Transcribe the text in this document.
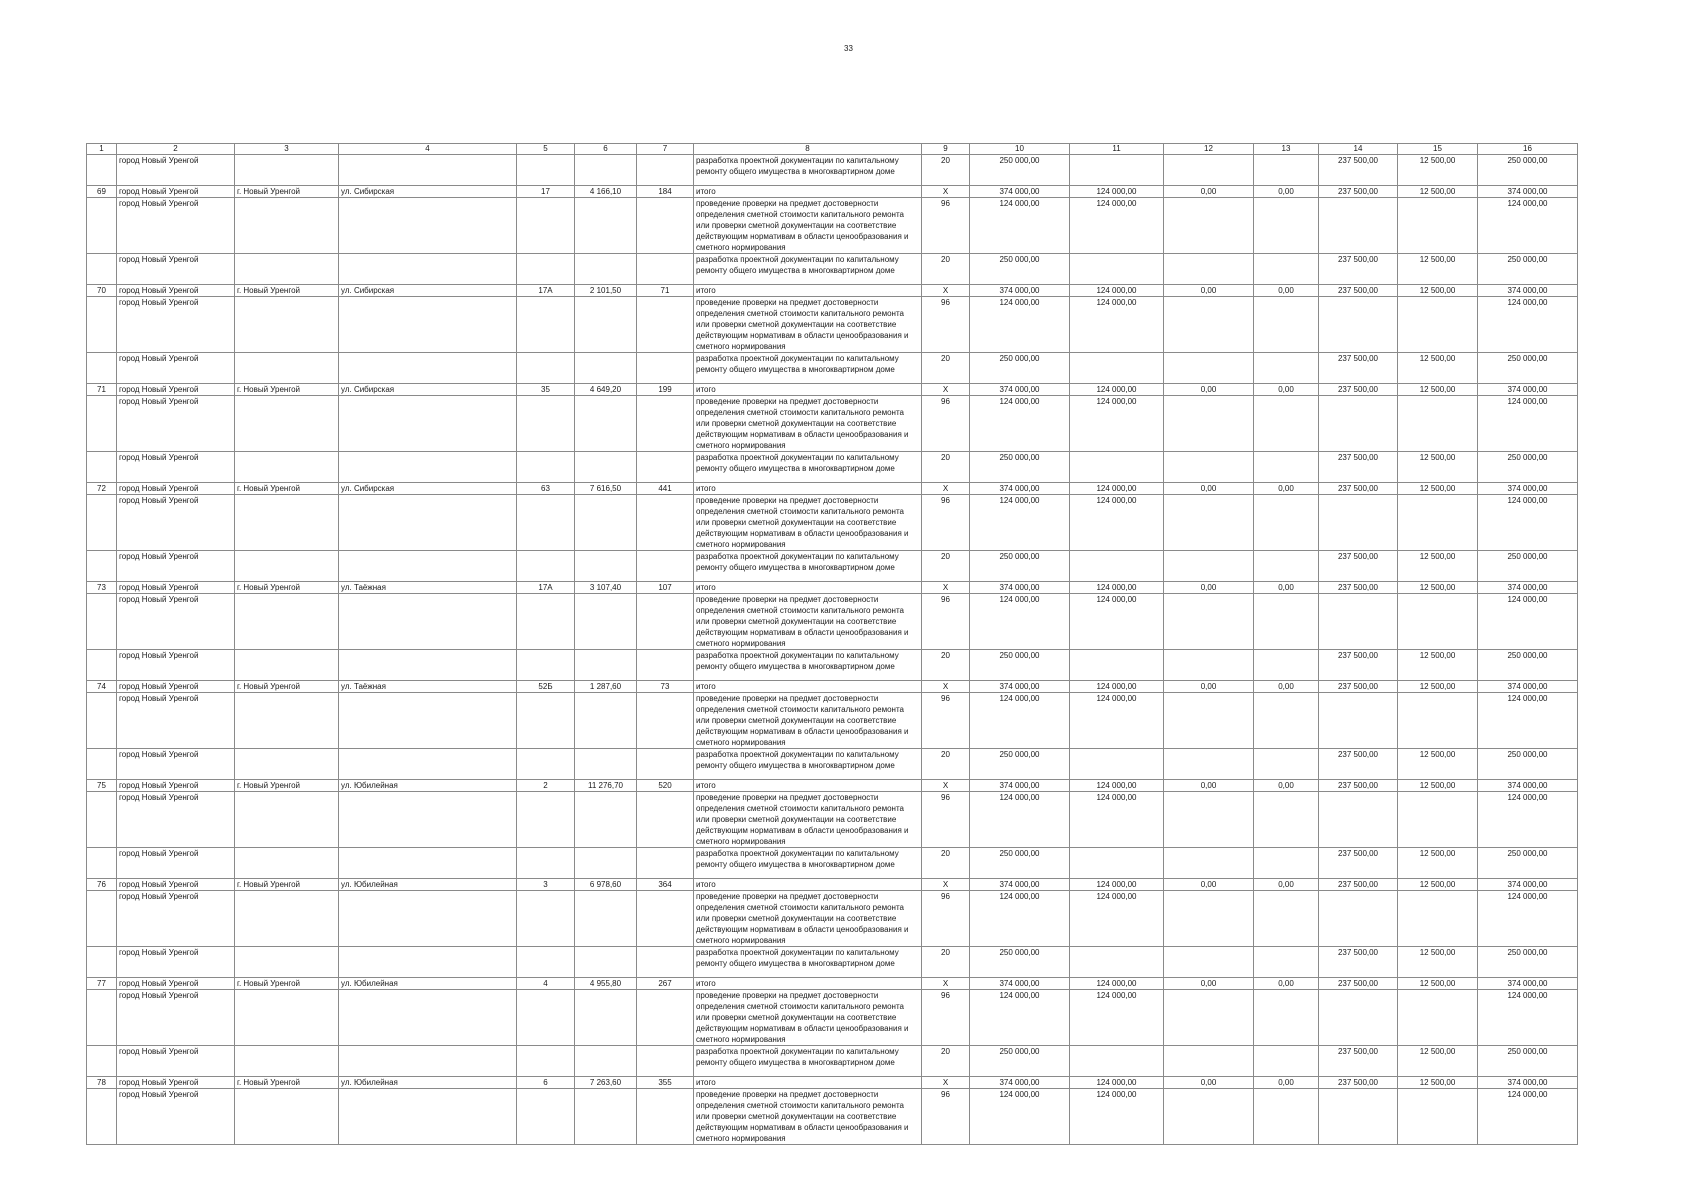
33
1	2	3	4	5	6	7	8	9	10	11	12	13	14	15	16
	город Новый Уренгой						разработка проектной документации по капитальному ремонту общего имущества в многоквартирном доме	20	250 000,00				237 500,00	12 500,00	250 000,00
69	город Новый Уренгой	г. Новый Уренгой	ул. Сибирская	17	4 166,10	184	итого	Х	374 000,00	124 000,00	0,00	0,00	237 500,00	12 500,00	374 000,00
	город Новый Уренгой						проведение проверки на предмет достоверности определения сметной стоимости капитального ремонта или проверки сметной документации на соответствие действующим нормативам в области ценообразования и сметного нормирования	96	124 000,00	124 000,00					124 000,00
	город Новый Уренгой						разработка проектной документации по капитальному ремонту общего имущества в многоквартирном доме	20	250 000,00				237 500,00	12 500,00	250 000,00
70	город Новый Уренгой	г. Новый Уренгой	ул. Сибирская	17А	2 101,50	71	итого	Х	374 000,00	124 000,00	0,00	0,00	237 500,00	12 500,00	374 000,00
	город Новый Уренгой						проведение проверки на предмет достоверности определения сметной стоимости капитального ремонта или проверки сметной документации на соответствие действующим нормативам в области ценообразования и сметного нормирования	96	124 000,00	124 000,00					124 000,00
	город Новый Уренгой						разработка проектной документации по капитальному ремонту общего имущества в многоквартирном доме	20	250 000,00				237 500,00	12 500,00	250 000,00
71	город Новый Уренгой	г. Новый Уренгой	ул. Сибирская	35	4 649,20	199	итого	Х	374 000,00	124 000,00	0,00	0,00	237 500,00	12 500,00	374 000,00
	город Новый Уренгой						проведение проверки на предмет достоверности определения сметной стоимости капитального ремонта или проверки сметной документации на соответствие действующим нормативам в области ценообразования и сметного нормирования	96	124 000,00	124 000,00					124 000,00
	город Новый Уренгой						разработка проектной документации по капитальному ремонту общего имущества в многоквартирном доме	20	250 000,00				237 500,00	12 500,00	250 000,00
72	город Новый Уренгой	г. Новый Уренгой	ул. Сибирская	63	7 616,50	441	итого	Х	374 000,00	124 000,00	0,00	0,00	237 500,00	12 500,00	374 000,00
	город Новый Уренгой						проведение проверки на предмет достоверности определения сметной стоимости капитального ремонта или проверки сметной документации на соответствие действующим нормативам в области ценообразования и сметного нормирования	96	124 000,00	124 000,00					124 000,00
	город Новый Уренгой						разработка проектной документации по капитальному ремонту общего имущества в многоквартирном доме	20	250 000,00				237 500,00	12 500,00	250 000,00
73	город Новый Уренгой	г. Новый Уренгой	ул. Таёжная	17А	3 107,40	107	итого	Х	374 000,00	124 000,00	0,00	0,00	237 500,00	12 500,00	374 000,00
	город Новый Уренгой						проведение проверки на предмет достоверности определения сметной стоимости капитального ремонта или проверки сметной документации на соответствие действующим нормативам в области ценообразования и сметного нормирования	96	124 000,00	124 000,00					124 000,00
	город Новый Уренгой						разработка проектной документации по капитальному ремонту общего имущества в многоквартирном доме	20	250 000,00				237 500,00	12 500,00	250 000,00
74	город Новый Уренгой	г. Новый Уренгой	ул. Таёжная	52Б	1 287,60	73	итого	Х	374 000,00	124 000,00	0,00	0,00	237 500,00	12 500,00	374 000,00
	город Новый Уренгой						проведение проверки на предмет достоверности определения сметной стоимости капитального ремонта или проверки сметной документации на соответствие действующим нормативам в области ценообразования и сметного нормирования	96	124 000,00	124 000,00					124 000,00
	город Новый Уренгой						разработка проектной документации по капитальному ремонту общего имущества в многоквартирном доме	20	250 000,00				237 500,00	12 500,00	250 000,00
75	город Новый Уренгой	г. Новый Уренгой	ул. Юбилейная	2	11 276,70	520	итого	Х	374 000,00	124 000,00	0,00	0,00	237 500,00	12 500,00	374 000,00
	город Новый Уренгой						проведение проверки на предмет достоверности определения сметной стоимости капитального ремонта или проверки сметной документации на соответствие действующим нормативам в области ценообразования и сметного нормирования	96	124 000,00	124 000,00					124 000,00
	город Новый Уренгой						разработка проектной документации по капитальному ремонту общего имущества в многоквартирном доме	20	250 000,00				237 500,00	12 500,00	250 000,00
76	город Новый Уренгой	г. Новый Уренгой	ул. Юбилейная	3	6 978,60	364	итого	Х	374 000,00	124 000,00	0,00	0,00	237 500,00	12 500,00	374 000,00
	город Новый Уренгой						проведение проверки на предмет достоверности определения сметной стоимости капитального ремонта или проверки сметной документации на соответствие действующим нормативам в области ценообразования и сметного нормирования	96	124 000,00	124 000,00					124 000,00
	город Новый Уренгой						разработка проектной документации по капитальному ремонту общего имущества в многоквартирном доме	20	250 000,00				237 500,00	12 500,00	250 000,00
77	город Новый Уренгой	г. Новый Уренгой	ул. Юбилейная	4	4 955,80	267	итого	Х	374 000,00	124 000,00	0,00	0,00	237 500,00	12 500,00	374 000,00
	город Новый Уренгой						проведение проверки на предмет достоверности определения сметной стоимости капитального ремонта или проверки сметной документации на соответствие действующим нормативам в области ценообразования и сметного нормирования	96	124 000,00	124 000,00					124 000,00
	город Новый Уренгой						разработка проектной документации по капитальному ремонту общего имущества в многоквартирном доме	20	250 000,00				237 500,00	12 500,00	250 000,00
78	город Новый Уренгой	г. Новый Уренгой	ул. Юбилейная	6	7 263,60	355	итого	Х	374 000,00	124 000,00	0,00	0,00	237 500,00	12 500,00	374 000,00
	город Новый Уренгой						проведение проверки на предмет достоверности определения сметной стоимости капитального ремонта или проверки сметной документации на соответствие действующим нормативам в области ценообразования и сметного нормирования	96	124 000,00	124 000,00					124 000,00
